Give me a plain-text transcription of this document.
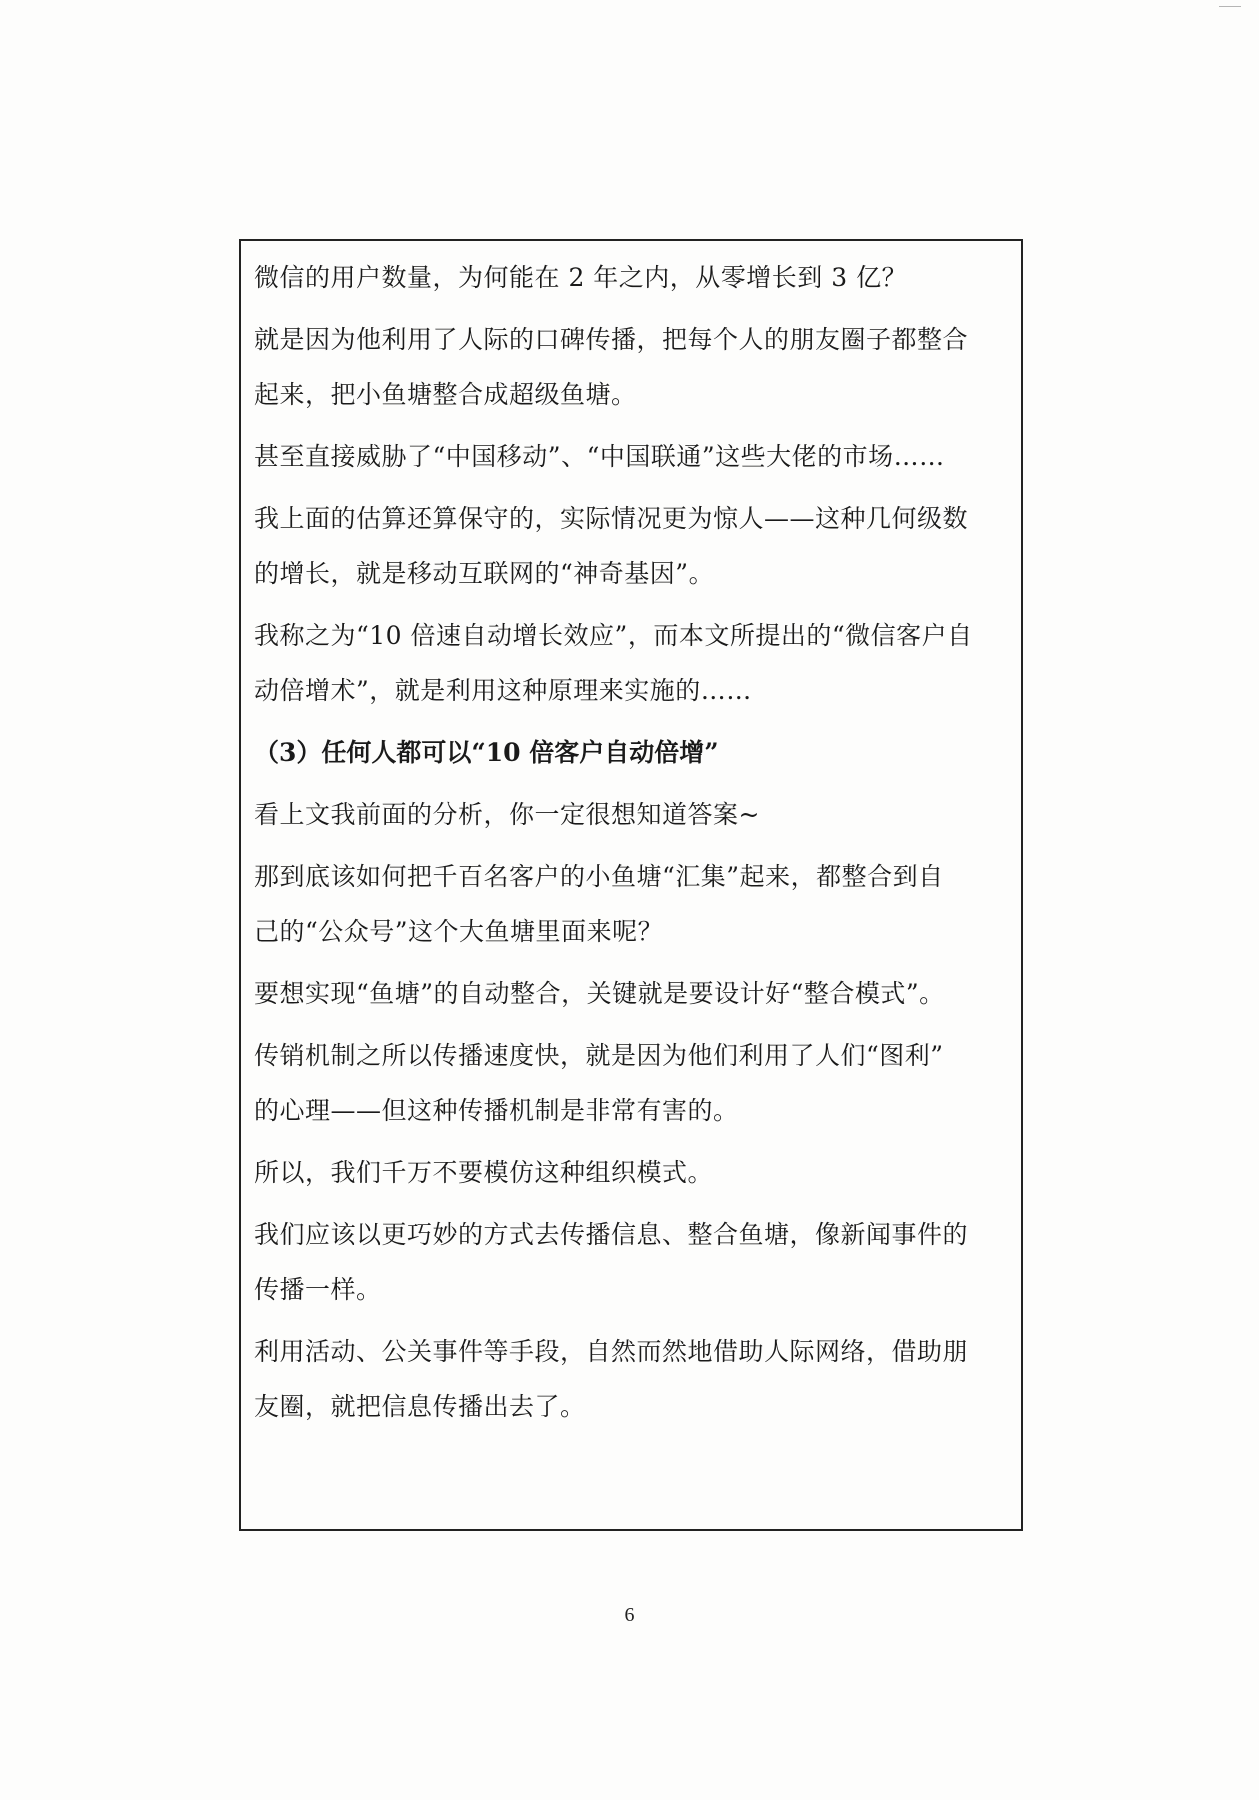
微信的用户数量，为何能在 2 年之内，从零增长到 3 亿？
就是因为他利用了人际的口碑传播，把每个人的朋友圈子都整合
起来，把小鱼塘整合成超级鱼塘。
甚至直接威胁了“中国移动”、“中国联通”这些大佬的市场……
我上面的估算还算保守的，实际情况更为惊人——这种几何级数
的增长，就是移动互联网的“神奇基因”。
我称之为“10 倍速自动增长效应”，而本文所提出的“微信客户自
动倍增术”，就是利用这种原理来实施的……
（3）任何人都可以“10 倍客户自动倍增”
看上文我前面的分析，你一定很想知道答案~
那到底该如何把千百名客户的小鱼塘“汇集”起来，都整合到自
己的“公众号”这个大鱼塘里面来呢？
要想实现“鱼塘”的自动整合，关键就是要设计好“整合模式”。
传销机制之所以传播速度快，就是因为他们利用了人们“图利”
的心理——但这种传播机制是非常有害的。
所以，我们千万不要模仿这种组织模式。
我们应该以更巧妙的方式去传播信息、整合鱼塘，像新闻事件的
传播一样。
利用活动、公关事件等手段，自然而然地借助人际网络，借助朋
友圈，就把信息传播出去了。
6
